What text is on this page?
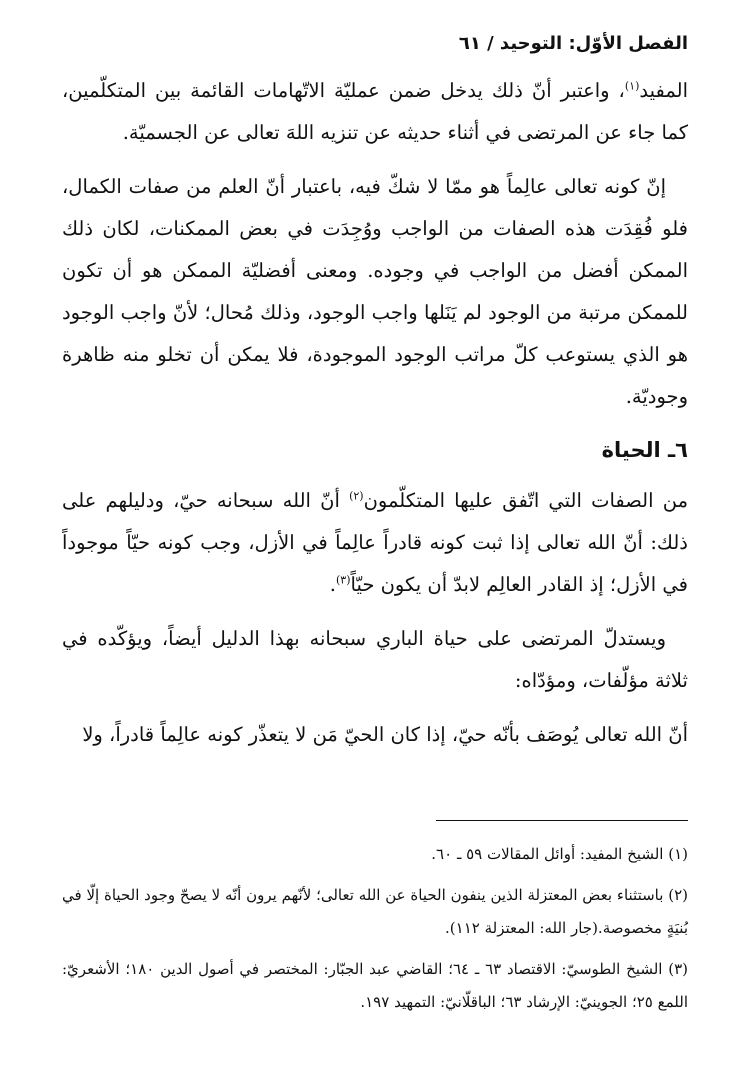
الفصل الأوّل: التوحيد / ٦١

المفيد$^{(١)}$، واعتبر أنّ ذلك يدخل ضمن عمليّة الاتّهامات القائمة بين المتكلّمين، كما جاء عن المرتضى في أثناء حديثه عن تنزيه اللهَ تعالى عن الجسميّة.

إنّ كونه تعالى عالِماً هو ممّا لا شكّ فيه، باعتبار أنّ العلم من صفات الكمال، فلو فُقِدَت هذه الصفات من الواجب ووُجِدَت في بعض الممكنات، لكان ذلك الممكن أفضل من الواجب في وجوده. ومعنى أفضليّة الممكن هو أن تكون للممكن مرتبة من الوجود لم يَنَلها واجب الوجود، وذلك مُحال؛ لأنّ واجب الوجود هو الذي يستوعب كلّ مراتب الوجود الموجودة، فلا يمكن أن تخلو منه ظاهرة وجوديّة.

٦ـ الحياة

من الصفات التي اتّفق عليها المتكلّمون$^{(٢)}$ أنّ الله سبحانه حيّ، ودليلهم على ذلك: أنّ الله تعالى إذا ثبت كونه قادراً عالِماً في الأزل، وجب كونه حيّاً موجوداً في الأزل؛ إذ القادر العالِم لابدّ أن يكون حيّاً$^{(٣)}$.

ويستدلّ المرتضى على حياة الباري سبحانه بهذا الدليل أيضاً، ويؤكّده في ثلاثة مؤلّفات، ومؤدّاه:

أنّ الله تعالى يُوصَف بأنّه حيّ، إذا كان الحيّ مَن لا يتعذّر كونه عالِماً قادراً، ولا

(١) الشيخ المفيد: أوائل المقالات ٥٩ ـ ٦٠.

(٢) باستثناء بعض المعتزلة الذين ينفون الحياة عن الله تعالى؛ لأنّهم يرون أنّه لا يصحّ وجود الحياة إلّا في بُنيَةٍ مخصوصة.(جار الله: المعتزلة ١١٢).

(٣) الشيخ الطوسيّ: الاقتصاد ٦٣ ـ ٦٤؛ القاضي عبد الجبّار: المختصر في أصول الدين ١٨٠؛ الأشعريّ: اللمع ٢٥؛ الجوينيّ: الإرشاد ٦٣؛ الباقلّانيّ: التمهيد ١٩٧.
